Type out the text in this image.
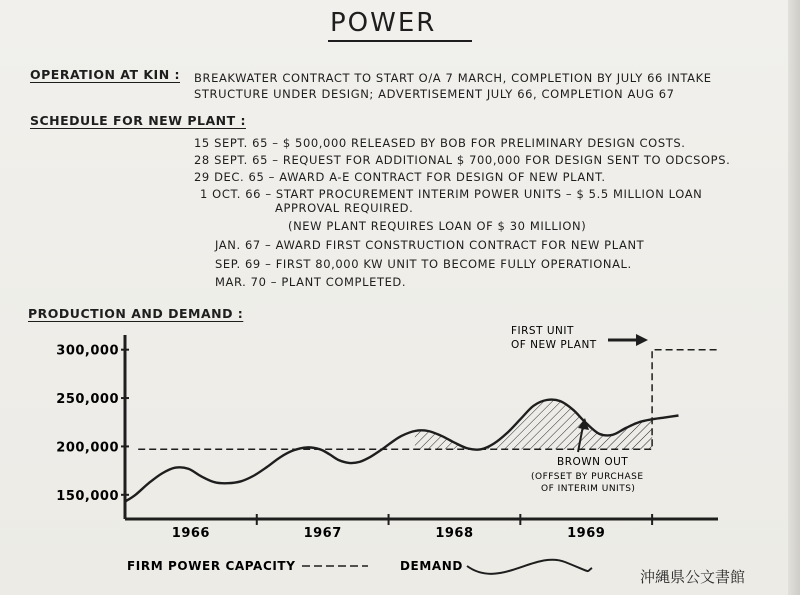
POWER
OPERATION AT KIN : BREAKWATER CONTRACT TO START O/A 7 MARCH, COMPLETION BY JULY 66 INTAKE
STRUCTURE UNDER DESIGN; ADVERTISEMENT JULY 66, COMPLETION AUG 67
SCHEDULE FOR NEW PLANT :
15 SEPT. 65 – $ 500,000 RELEASED BY BOB FOR PRELIMINARY DESIGN COSTS.
28 SEPT. 65 – REQUEST FOR ADDITIONAL $ 700,000 FOR DESIGN SENT TO ODCSOPS.
29 DEC. 65 – AWARD A-E CONTRACT FOR DESIGN OF NEW PLANT.
1 OCT. 66 – START PROCUREMENT INTERIM POWER UNITS – $ 5.5 MILLION LOAN
APPROVAL REQUIRED.
(NEW PLANT REQUIRES LOAN OF $ 30 MILLION)
JAN. 67 – AWARD FIRST CONSTRUCTION CONTRACT FOR NEW PLANT
SEP. 69 – FIRST 80,000 KW UNIT TO BECOME FULLY OPERATIONAL.
MAR. 70 – PLANT COMPLETED.
PRODUCTION AND DEMAND :
150,000
200,000
250,000
300,000
1966	1967	1968	1969
FIRST UNIT
OF NEW PLANT
BROWN OUT
(OFFSET BY PURCHASE
OF INTERIM UNITS)
FIRM POWER CAPACITY	DEMAND
沖縄県公文書館
